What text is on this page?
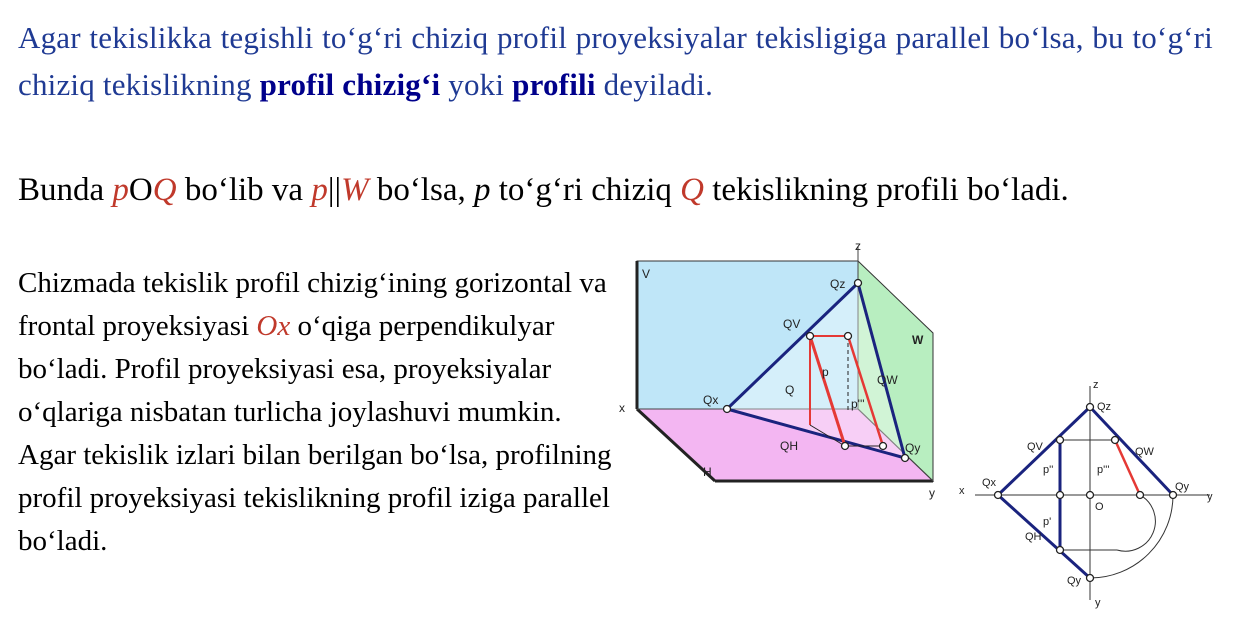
Agar tekislikka tegishli to‘g‘ri chiziq profil proyeksiyalar tekisligiga parallel bo‘lsa, bu to‘g‘ri chiziq tekislikning profil chizig‘i yoki profili deyiladi.
Bunda pOQ bo‘lib va p||W bo‘lsa, p to‘g‘ri chiziq Q tekislikning profili bo‘ladi.
Chizmada tekislik profil chizig‘ining gorizontal va frontal proyeksiyasi Ox o‘qiga perpendikulyar bo‘ladi. Profil proyeksiyasi esa, proyeksiyalar o‘qlariga nisbatan turlicha joylashuvi mumkin. Agar tekislik izlari bilan berilgan bo‘lsa, profilning profil proyeksiyasi tekislikning profil iziga parallel bo‘ladi.
z
V
W
H
x
y
Qz
QV
Q
p
QW
Qx	p'''
QH	Qy
z
Qz
QV	QW
p''	p'''
x
Qx
O
Qy
y
p'
QH
Qy
y
